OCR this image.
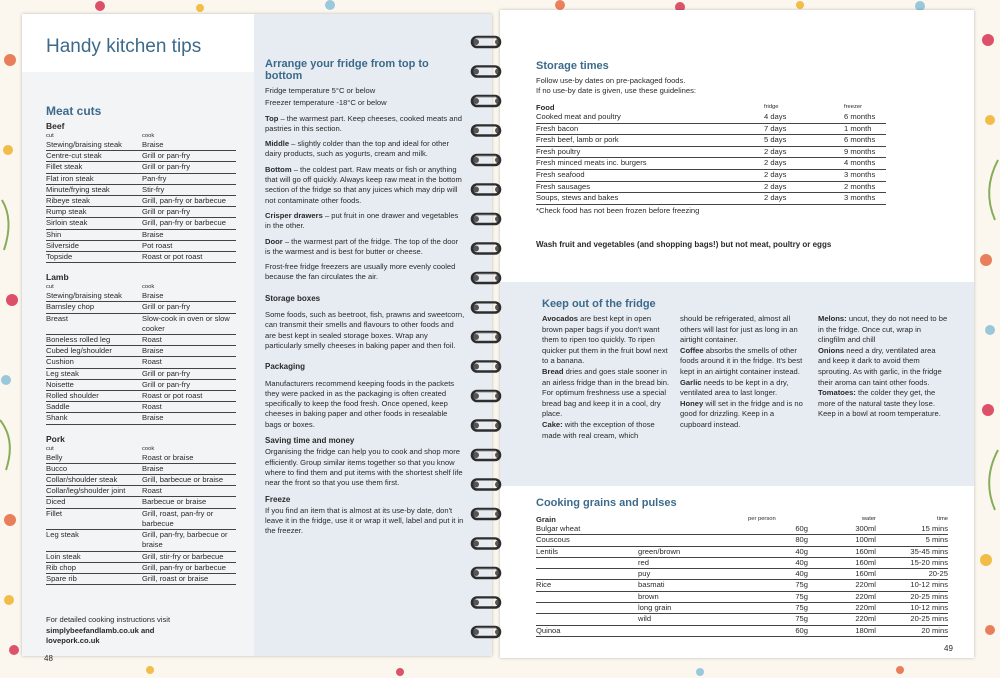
Handy kitchen tips
Meat cuts
Beef
cut	cook
Stewing/braising steak	Braise
Centre-cut steak	Grill or pan-fry
Fillet steak	Grill or pan-fry
Flat iron steak	Pan-fry
Minute/frying steak	Stir-fry
Ribeye steak	Grill, pan-fry or barbecue
Rump steak	Grill or pan-fry
Sirloin steak	Grill, pan-fry or barbecue
Shin	Braise
Silverside	Pot roast
Topside	Roast or pot roast
Lamb
cut	cook
Stewing/braising steak	Braise
Barnsley chop	Grill or pan-fry
Breast	Slow-cook in oven or slow cooker
Boneless rolled leg	Roast
Cubed leg/shoulder	Braise
Cushion	Roast
Leg steak	Grill or pan-fry
Noisette	Grill or pan-fry
Rolled shoulder	Roast or pot roast
Saddle	Roast
Shank	Braise
Pork
cut	cook
Belly	Roast or braise
Bucco	Braise
Collar/shoulder steak	Grill, barbecue or braise
Collar/leg/shoulder joint	Roast
Diced	Barbecue or braise
Fillet	Grill, roast, pan-fry or barbecue
Leg steak	Grill, pan-fry, barbecue or braise
Loin steak	Grill, stir-fry or barbecue
Rib chop	Grill, pan-fry or barbecue
Spare rib	Grill, roast or braise
For detailed cooking instructions visit
simplybeefandlamb.co.uk and
lovepork.co.uk
48
Arrange your fridge from top to bottom

Fridge temperature 5°C or below

Freezer temperature -18°C or below

Top – the warmest part. Keep cheeses, cooked meats and pastries in this section.

Middle – slightly colder than the top and ideal for other dairy products, such as yogurts, cream and milk.

Bottom – the coldest part. Raw meats or fish or anything that will go off quickly. Always keep raw meat in the bottom section of the fridge so that any juices which may drip will not contaminate other foods.

Crisper drawers – put fruit in one drawer and vegetables in the other.

Door – the warmest part of the fridge. The top of the door is the warmest and is best for butter or cheese.

Frost-free fridge freezers are usually more evenly cooled because the fan circulates the air.

Storage boxes

Some foods, such as beetroot, fish, prawns and sweetcorn, can transmit their smells and flavours to other foods and are best kept in sealed storage boxes. Wrap any particularly smelly cheeses in baking paper and then foil.

Packaging

Manufacturers recommend keeping foods in the packets they were packed in as the packaging is often created specifically to keep the food fresh. Once opened, keep cheeses in baking paper and other foods in resealable bags or boxes.

Saving time and money

Organising the fridge can help you to cook and shop more efficiently. Group similar items together so that you know where to find them and put items with the shortest shelf life near the front so that you use them first.

Freeze

If you find an item that is almost at its use-by date, don't leave it in the fridge, use it or wrap it well, label and put it in the freezer.

Storage times

Follow use-by dates on pre-packaged foods.

If no use-by date is given, use these guidelines:

Food	fridge	freezer
Cooked meat and poultry	4 days	6 months
Fresh bacon	7 days	1 month
Fresh beef, lamb or pork	5 days	6 months
Fresh poultry	2 days	9 months
Fresh minced meats inc. burgers	2 days	4 months
Fresh seafood	2 days	3 months
Fresh sausages	2 days	2 months
Soups, stews and bakes	2 days	3 months

*Check food has not been frozen before freezing

Wash fruit and vegetables (and shopping bags!) but not meat, poultry or eggs
Keep out of the fridge
Avocados are best kept in open brown paper bags if you don't want them to ripen too quickly. To ripen quicker put them in the fruit bowl next to a banana.
Bread dries and goes stale sooner in an airless fridge than in the bread bin. For optimum freshness use a special bread bag and keep it in a cool, dry place.
Cake: with the exception of those made with real cream, which
should be refrigerated, almost all others will last for just as long in an airtight container.
Coffee absorbs the smells of other foods around it in the fridge. It's best kept in an airtight container instead.
Garlic needs to be kept in a dry, ventilated area to last longer.
Honey will set in the fridge and is no good for drizzling. Keep in a cupboard instead.
Melons: uncut, they do not need to be in the fridge. Once cut, wrap in clingfilm and chill
Onions need a dry, ventilated area and keep it dark to avoid them sprouting. As with garlic, in the fridge their aroma can taint other foods.
Tomatoes: the colder they get, the more of the natural taste they lose. Keep in a bowl at room temperature.
Cooking grains and pulses
Grain		per person	water	time
Bulgar wheat		60g	300ml	15 mins
Couscous		80g	100ml	5 mins
Lentils	green/brown	40g	160ml	35-45 mins
	red	40g	160ml	15-20 mins
	puy	40g	160ml	20-25
Rice	basmati	75g	220ml	10-12 mins
	brown	75g	220ml	20-25 mins
	long grain	75g	220ml	10-12 mins
	wild	75g	220ml	20-25 mins
Quinoa		60g	180ml	20 mins
49
